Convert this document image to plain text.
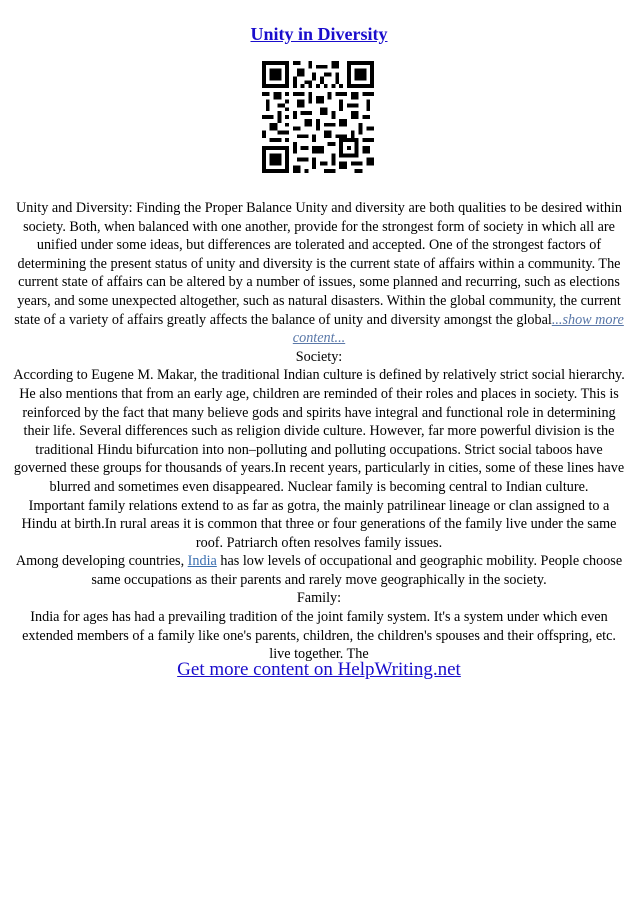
Unity in Diversity

Unity and Diversity: Finding the Proper Balance Unity and diversity are both qualities to be desired within society. Both, when balanced with one another, provide for the strongest form of society in which all are unified under some ideas, but differences are tolerated and accepted. One of the strongest factors of determining the present status of unity and diversity is the current state of affairs within a community. The current state of affairs can be altered by a number of issues, some planned and recurring, such as elections years, and some unexpected altogether, such as natural disasters. Within the global community, the current state of a variety of affairs greatly affects the balance of unity and diversity amongst the global...show more content...

Society:

According to Eugene M. Makar, the traditional Indian culture is defined by relatively strict social hierarchy. He also mentions that from an early age, children are reminded of their roles and places in society. This is reinforced by the fact that many believe gods and spirits have integral and functional role in determining their life. Several differences such as religion divide culture. However, far more powerful division is the traditional Hindu bifurcation into non–polluting and polluting occupations. Strict social taboos have governed these groups for thousands of years.In recent years, particularly in cities, some of these lines have blurred and sometimes even disappeared. Nuclear family is becoming central to Indian culture.

Important family relations extend to as far as gotra, the mainly patrilinear lineage or clan assigned to a Hindu at birth.In rural areas it is common that three or four generations of the family live under the same roof. Patriarch often resolves family issues.

Among developing countries, India has low levels of occupational and geographic mobility. People choose same occupations as their parents and rarely move geographically in the society.

Family:

India for ages has had a prevailing tradition of the joint family system. It's a system under which even extended members of a family like one's parents, children, the children's spouses and their offspring, etc. live together. The

Get more content on HelpWriting.net
